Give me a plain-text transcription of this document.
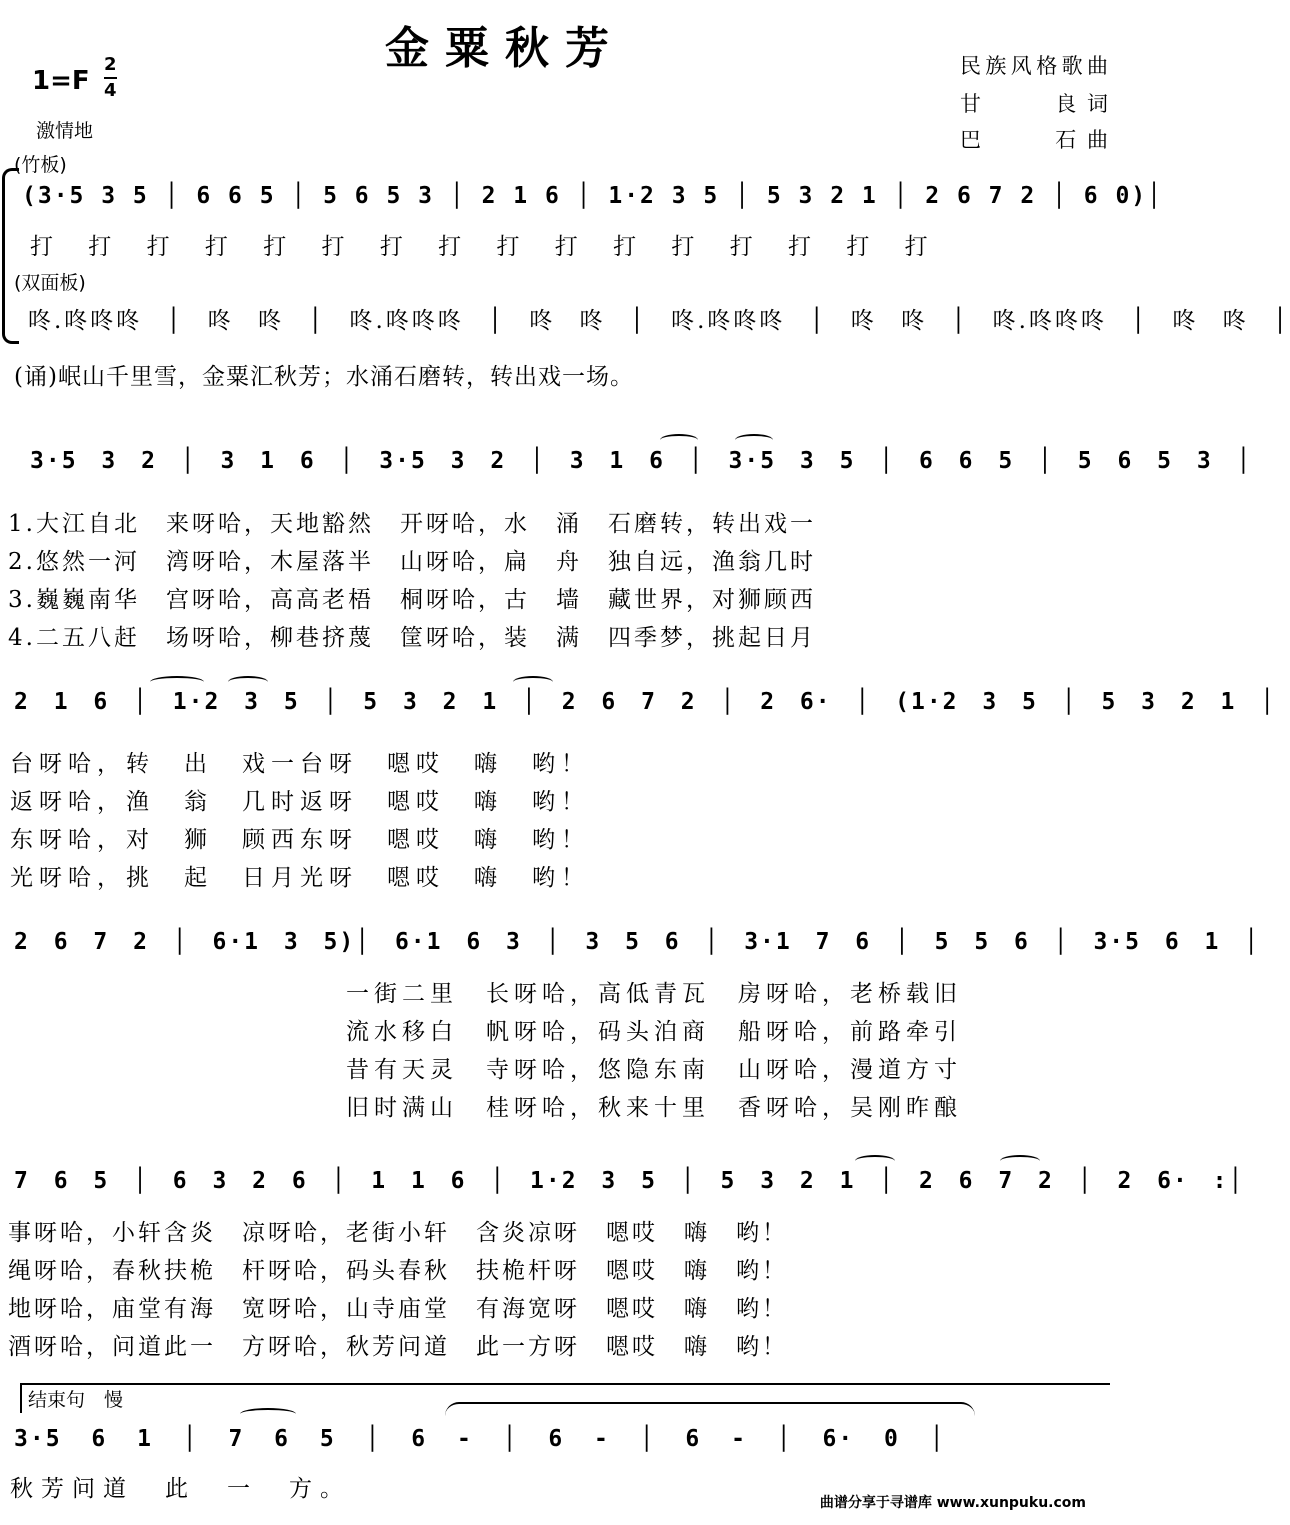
金粟秋芳
1=F
2
4
激情地
民族风格歌曲
甘　　良词
巴　　石曲
(竹板)
(3·5 3 5 │ 6 6 5 │ 5 6 5 3 │ 2 1 6 │ 1·2 3 5 │ 5 3 2 1 │ 2 6 7 2 │ 6 0)│
打 打 打 打 打 打 打 打 打 打 打 打 打 打 打 打
(双面板)
咚.咚咚咚 │ 咚 咚 │ 咚.咚咚咚 │ 咚 咚 │ 咚.咚咚咚 │ 咚 咚 │ 咚.咚咚咚 │ 咚 咚 │
(诵)岷山千里雪，金粟汇秋芳；水涌石磨转，转出戏一场。
3·5 3 2 │ 3 1 6 │ 3·5 3 2 │ 3 1 6 │ 3·5 3 5 │ 6 6 5 │ 5 6 5 3 │
1.大江自北　来呀哈，天地豁然　开呀哈，水　涌　石磨转，转出戏一
2.悠然一河　湾呀哈，木屋落半　山呀哈，扁　舟　独自远，渔翁几时
3.巍巍南华　宫呀哈，高高老梧　桐呀哈，古　墙　藏世界，对狮顾西
4.二五八赶　场呀哈，柳巷挤蔑　筐呀哈，装　满　四季梦，挑起日月
2 1 6 │ 1·2 3 5 │ 5 3 2 1 │ 2 6 7 2 │ 2 6· │ (1·2 3 5 │ 5 3 2 1 │
台呀哈，转　出　戏一台呀　嗯哎　嗨　哟！
返呀哈，渔　翁　几时返呀　嗯哎　嗨　哟！
东呀哈，对　狮　顾西东呀　嗯哎　嗨　哟！
光呀哈，挑　起　日月光呀　嗯哎　嗨　哟！
2 6 7 2 │ 6·1 3 5)│ 6·1 6 3 │ 3 5 6 │ 3·1 7 6 │ 5 5 6 │ 3·5 6 1 │
一街二里　长呀哈，高低青瓦　房呀哈，老桥载旧
流水移白　帆呀哈，码头泊商　船呀哈，前路牵引
昔有天灵　寺呀哈，悠隐东南　山呀哈，漫道方寸
旧时满山　桂呀哈，秋来十里　香呀哈，吴刚昨酿
7 6 5 │ 6 3 2 6 │ 1 1 6 │ 1·2 3 5 │ 5 3 2 1 │ 2 6 7 2 │ 2 6· :│
事呀哈，小轩含炎　凉呀哈，老街小轩　含炎凉呀　嗯哎　嗨　哟！
绳呀哈，春秋扶桅　杆呀哈，码头春秋　扶桅杆呀　嗯哎　嗨　哟！
地呀哈，庙堂有海　宽呀哈，山寺庙堂　有海宽呀　嗯哎　嗨　哟！
酒呀哈，问道此一　方呀哈，秋芳问道　此一方呀　嗯哎　嗨　哟！
结束句　慢
3·5 6 1 │ 7 6 5 │ 6 - │ 6 - │ 6 - │ 6· 0 │
秋芳问道　此　一　方。
曲谱分享于寻谱库 www.xunpuku.com
